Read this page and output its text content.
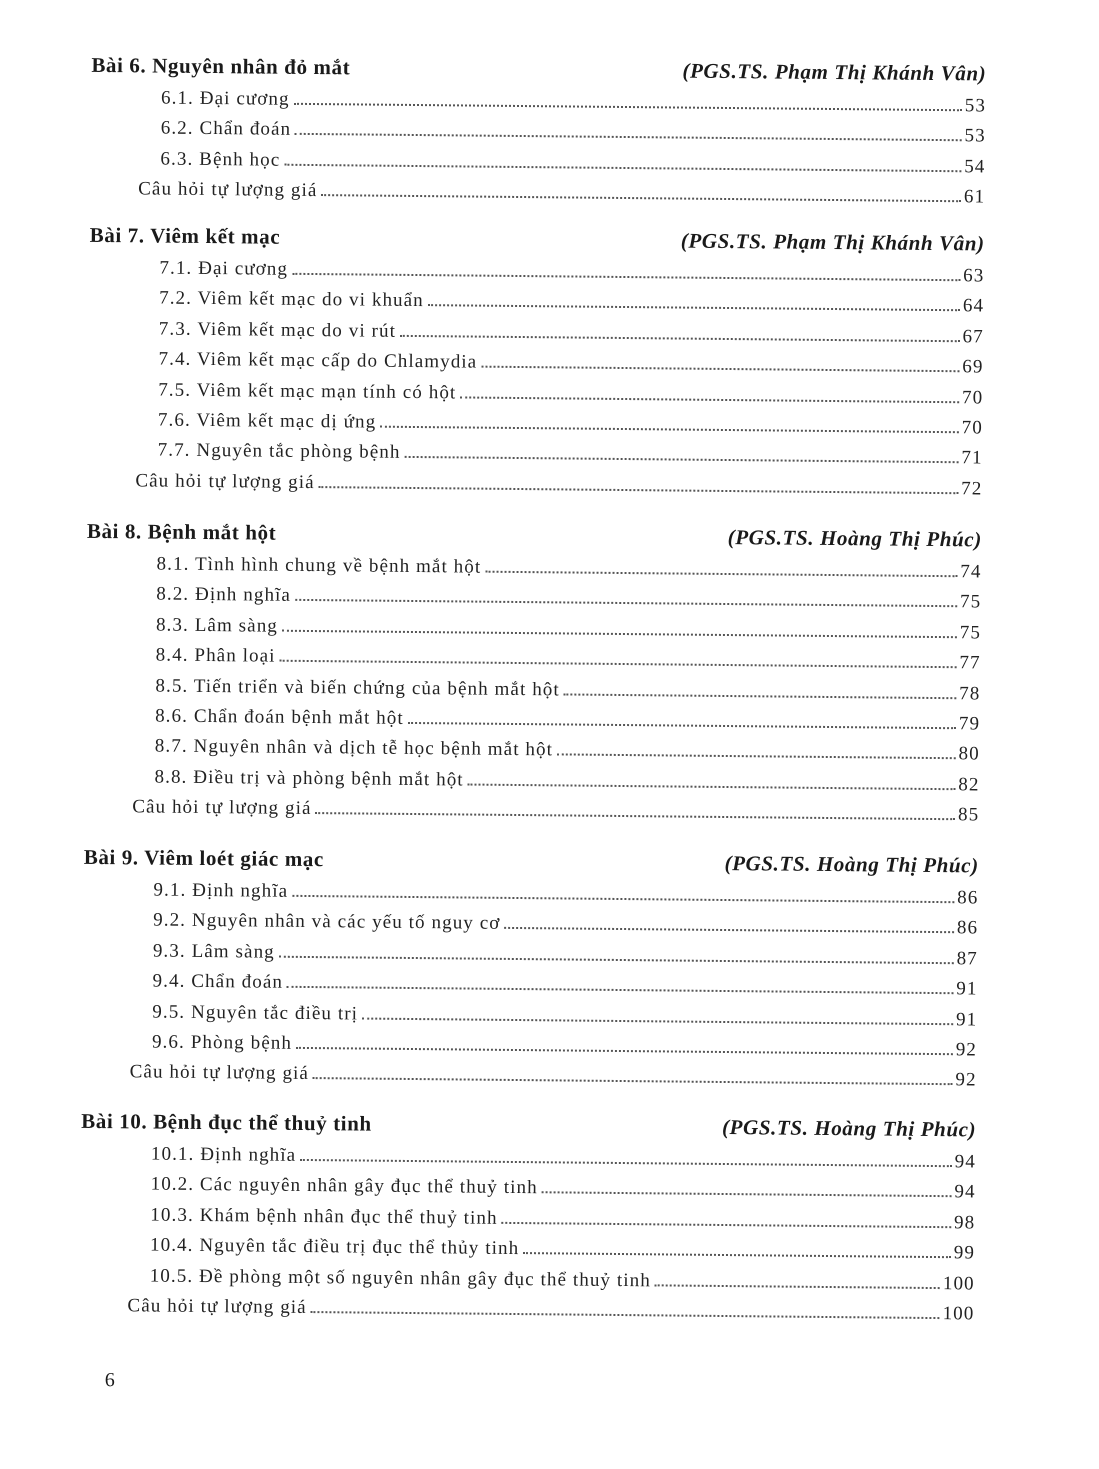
Bài 6. Nguyên nhân đỏ mắt	(PGS.TS. Phạm Thị Khánh Vân)
6.1. Đại cương	53
6.2. Chẩn đoán	53
6.3. Bệnh học	54
Câu hỏi tự lượng giá	61
Bài 7. Viêm kết mạc	(PGS.TS. Phạm Thị Khánh Vân)
7.1. Đại cương	63
7.2. Viêm kết mạc do vi khuẩn	64
7.3. Viêm kết mạc do vi rút	67
7.4. Viêm kết mạc cấp do Chlamydia	69
7.5. Viêm kết mạc mạn tính có hột	70
7.6. Viêm kết mạc dị ứng	70
7.7. Nguyên tắc phòng bệnh	71
Câu hỏi tự lượng giá	72
Bài 8. Bệnh mắt hột	(PGS.TS. Hoàng Thị Phúc)
8.1. Tình hình chung về bệnh mắt hột	74
8.2. Định nghĩa	75
8.3. Lâm sàng	75
8.4. Phân loại	77
8.5. Tiến triển và biến chứng của bệnh mắt hột	78
8.6. Chẩn đoán bệnh mắt hột	79
8.7. Nguyên nhân và dịch tễ học bệnh mắt hột	80
8.8. Điều trị và phòng bệnh mắt hột	82
Câu hỏi tự lượng giá	85
Bài 9. Viêm loét giác mạc	(PGS.TS. Hoàng Thị Phúc)
9.1. Định nghĩa	86
9.2. Nguyên nhân và các yếu tố nguy cơ	86
9.3. Lâm sàng	87
9.4. Chẩn đoán	91
9.5. Nguyên tắc điều trị	91
9.6. Phòng bệnh	92
Câu hỏi tự lượng giá	92
Bài 10. Bệnh đục thể thuỷ tinh	(PGS.TS. Hoàng Thị Phúc)
10.1. Định nghĩa	94
10.2. Các nguyên nhân gây đục thể thuỷ tinh	94
10.3. Khám bệnh nhân đục thể thuỷ tinh	98
10.4. Nguyên tắc điều trị đục thể thủy tinh	99
10.5. Đề phòng một số nguyên nhân gây đục thể thuỷ tinh	100
Câu hỏi tự lượng giá	100
6
